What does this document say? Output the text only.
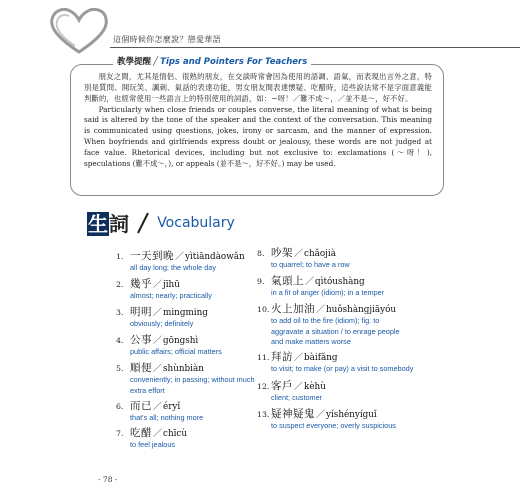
這個時候你怎麼說？戀愛華語
教學提醒 ╱ Tips and Pointers For Teachers

朋友之間，尤其是情侶、很熟的朋友，在交談時常會因為使用的語調、語氣，而表現出言外之意，特別是質問、開玩笑、諷刺、氣話的表達功能，男女朋友間表達懷疑、吃醋時，這些說法常不是字面意義能判斷的，也經常使用一些語言上的特別使用的詞語，如：~呀！／難不成～，／並不是～，好不好。

Particularly when close friends or couples converse, the literal meaning of what is being said is altered by the tone of the speaker and the context of the conversation. This meaning is communicated using questions, jokes, irony or sarcasm, and the manner of expression. When boyfriends and girlfriends express doubt or jealousy, these words are not judged at face value. Rhetorical devices, including but not exclusive to: exclamations (～呀！), speculations (難不成～，), or appeals (並不是～，好不好。) may be used.

生詞 Vocabulary
1. 一天到晚／yìtiāndàowǎn
all day long; the whole day
2. 幾乎／jīhū
almost; nearly; practically
3. 明明／mingming
obviously; definitely
4. 公事／gōngshì
public affairs; official matters
5. 順便／shùnbiàn
conveniently; in passing; without much
extra effort
6. 而已／éryǐ
that's all; nothing more
7. 吃醋／chīcù
to feel jealous
8. 吵架／chǎojià
to quarrel; to have a row
9. 氣頭上／qìtóushàng
in a fit of anger (idiom); in a temper
10. 火上加油／huǒshàngjiāyóu
to add oil to the fire (idiom); fig. to
aggravate a situation / to enrage people
and make matters worse
11. 拜訪／bàifǎng
to visit; to make (or pay) a visit to somebody
12. 客戶／kèhù
client; customer
13. 疑神疑鬼／yíshényíguǐ
to suspect everyone; overly suspicious
- 78 -
